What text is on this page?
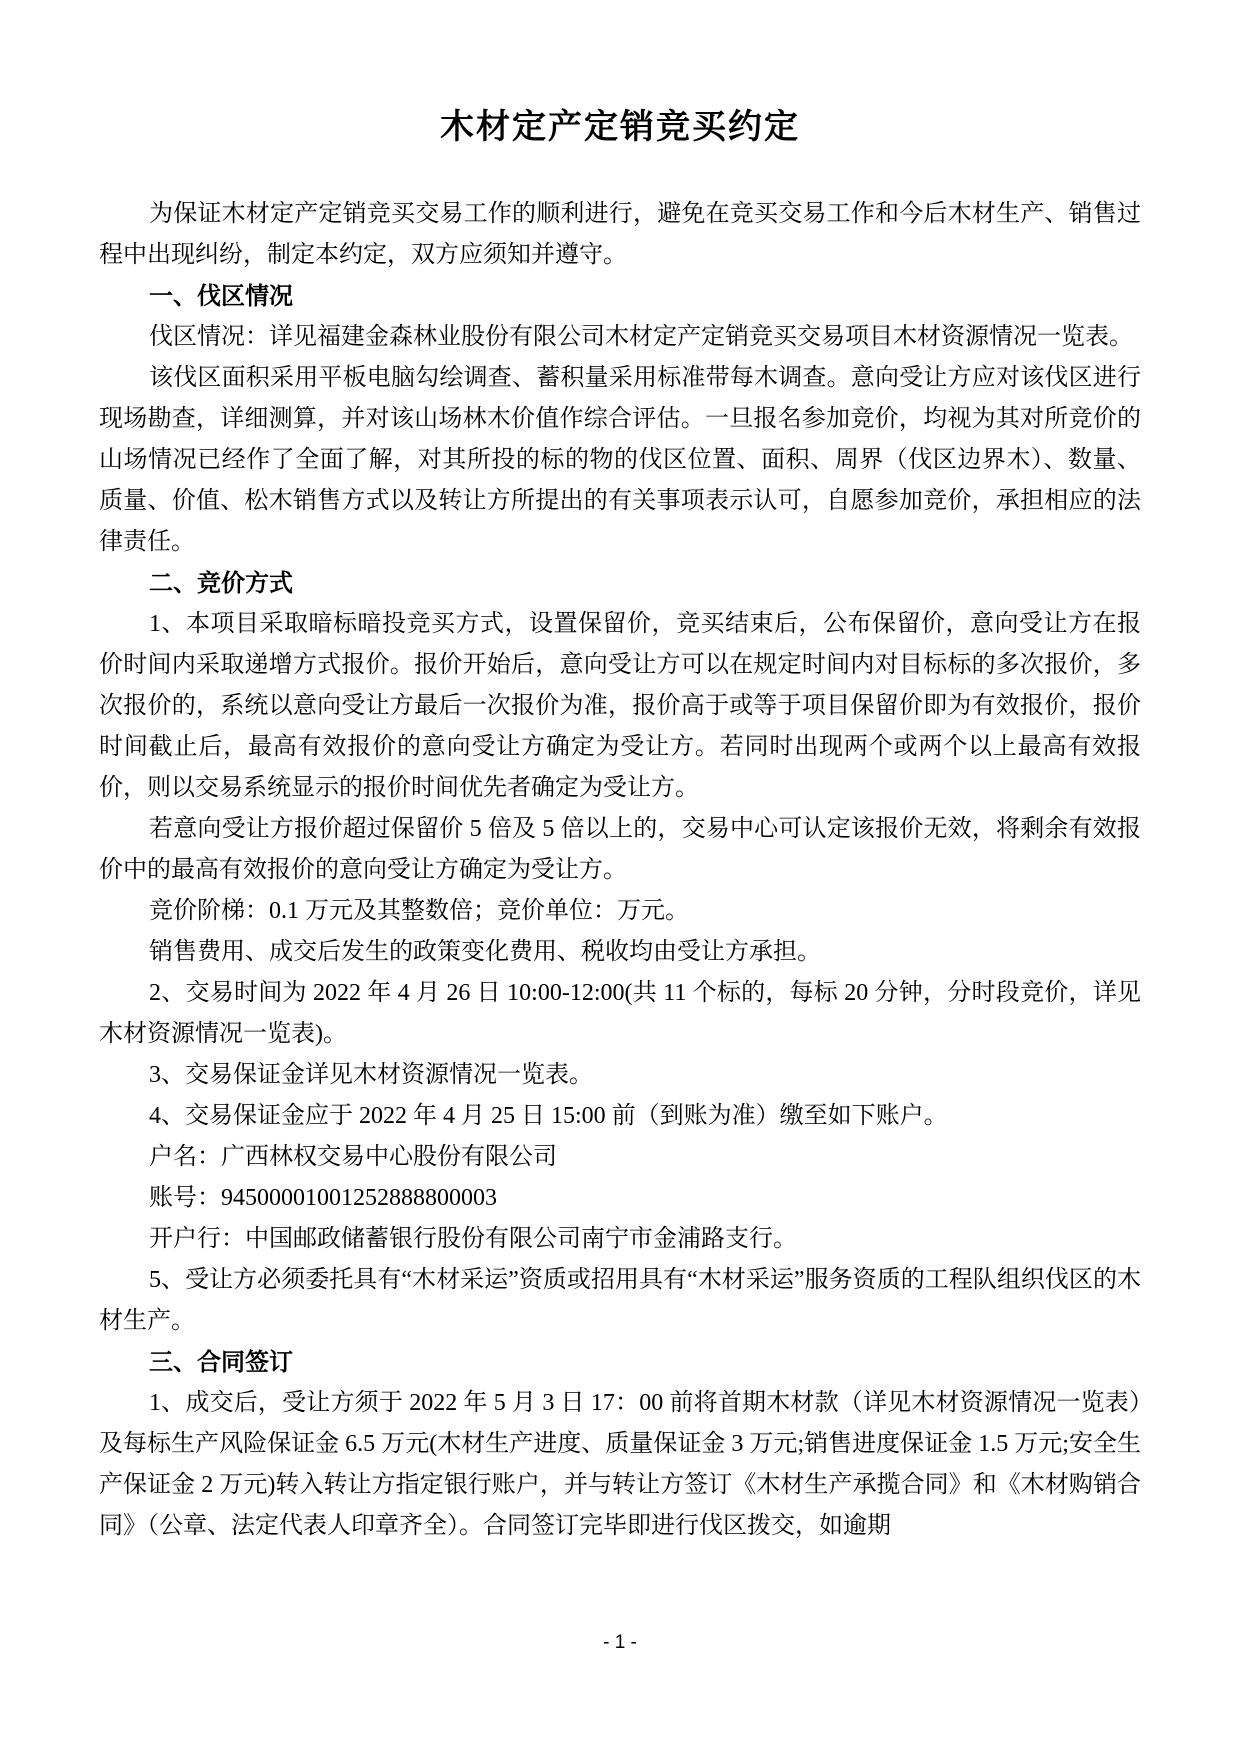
木材定产定销竞买约定

为保证木材定产定销竞买交易工作的顺利进行，避免在竞买交易工作和今后木材生产、销售过程中出现纠纷，制定本约定，双方应须知并遵守。

一、伐区情况

伐区情况：详见福建金森林业股份有限公司木材定产定销竞买交易项目木材资源情况一览表。

该伐区面积采用平板电脑勾绘调查、蓄积量采用标准带每木调查。意向受让方应对该伐区进行现场勘查，详细测算，并对该山场林木价值作综合评估。一旦报名参加竞价，均视为其对所竞价的山场情况已经作了全面了解，对其所投的标的物的伐区位置、面积、周界（伐区边界木）、数量、质量、价值、松木销售方式以及转让方所提出的有关事项表示认可，自愿参加竞价，承担相应的法律责任。

二、竞价方式

1、本项目采取暗标暗投竞买方式，设置保留价，竞买结束后，公布保留价，意向受让方在报价时间内采取递增方式报价。报价开始后，意向受让方可以在规定时间内对目标标的多次报价，多次报价的，系统以意向受让方最后一次报价为准，报价高于或等于项目保留价即为有效报价，报价时间截止后，最高有效报价的意向受让方确定为受让方。若同时出现两个或两个以上最高有效报价，则以交易系统显示的报价时间优先者确定为受让方。

若意向受让方报价超过保留价 5 倍及 5 倍以上的，交易中心可认定该报价无效，将剩余有效报价中的最高有效报价的意向受让方确定为受让方。

竞价阶梯：0.1 万元及其整数倍；竞价单位：万元。

销售费用、成交后发生的政策变化费用、税收均由受让方承担。

2、交易时间为 2022 年 4 月 26 日 10:00-12:00(共 11 个标的，每标 20 分钟，分时段竞价，详见木材资源情况一览表)。

3、交易保证金详见木材资源情况一览表。

4、交易保证金应于 2022 年 4 月 25 日 15:00 前（到账为准）缴至如下账户。

户名：广西林权交易中心股份有限公司

账号：94500001001252888800003

开户行：中国邮政储蓄银行股份有限公司南宁市金浦路支行。

5、受让方必须委托具有“木材采运”资质或招用具有“木材采运”服务资质的工程队组织伐区的木材生产。

三、合同签订

1、成交后，受让方须于 2022 年 5 月 3 日 17：00 前将首期木材款（详见木材资源情况一览表）及每标生产风险保证金 6.5 万元(木材生产进度、质量保证金 3 万元;销售进度保证金 1.5 万元;安全生产保证金 2 万元)转入转让方指定银行账户，并与转让方签订《木材生产承揽合同》和《木材购销合同》（公章、法定代表人印章齐全）。合同签订完毕即进行伐区拨交，如逾期

- 1 -
